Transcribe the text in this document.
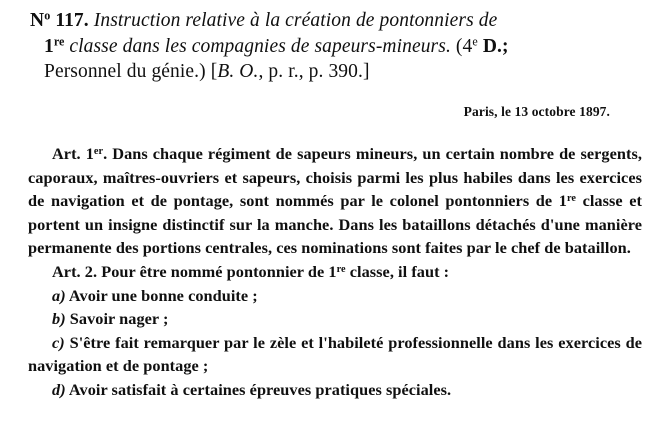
$N^o$ 117. Instruction relative à la création de pontonniers de
1re classe dans les compagnies de sapeurs-mineurs. (4e D.;
Personnel du génie.) [B. O., p. r., p. 390.]
Paris, le 13 octobre 1897.

Art. 1er. Dans chaque régiment de sapeurs mineurs, un certain nombre de sergents, caporaux, maîtres-ouvriers et sapeurs, choisis parmi les plus habiles dans les exercices de navigation et de pontage, sont nommés par le colonel pontonniers de 1re classe et portent un insigne distinctif sur la manche. Dans les bataillons détachés d'une manière permanente des portions centrales, ces nominations sont faites par le chef de bataillon.

Art. 2. Pour être nommé pontonnier de 1re classe, il faut :

a) Avoir une bonne conduite ;

b) Savoir nager ;

c) S'être fait remarquer par le zèle et l'habileté professionnelle dans les exercices de navigation et de pontage ;

d) Avoir satisfait à certaines épreuves pratiques spéciales.
